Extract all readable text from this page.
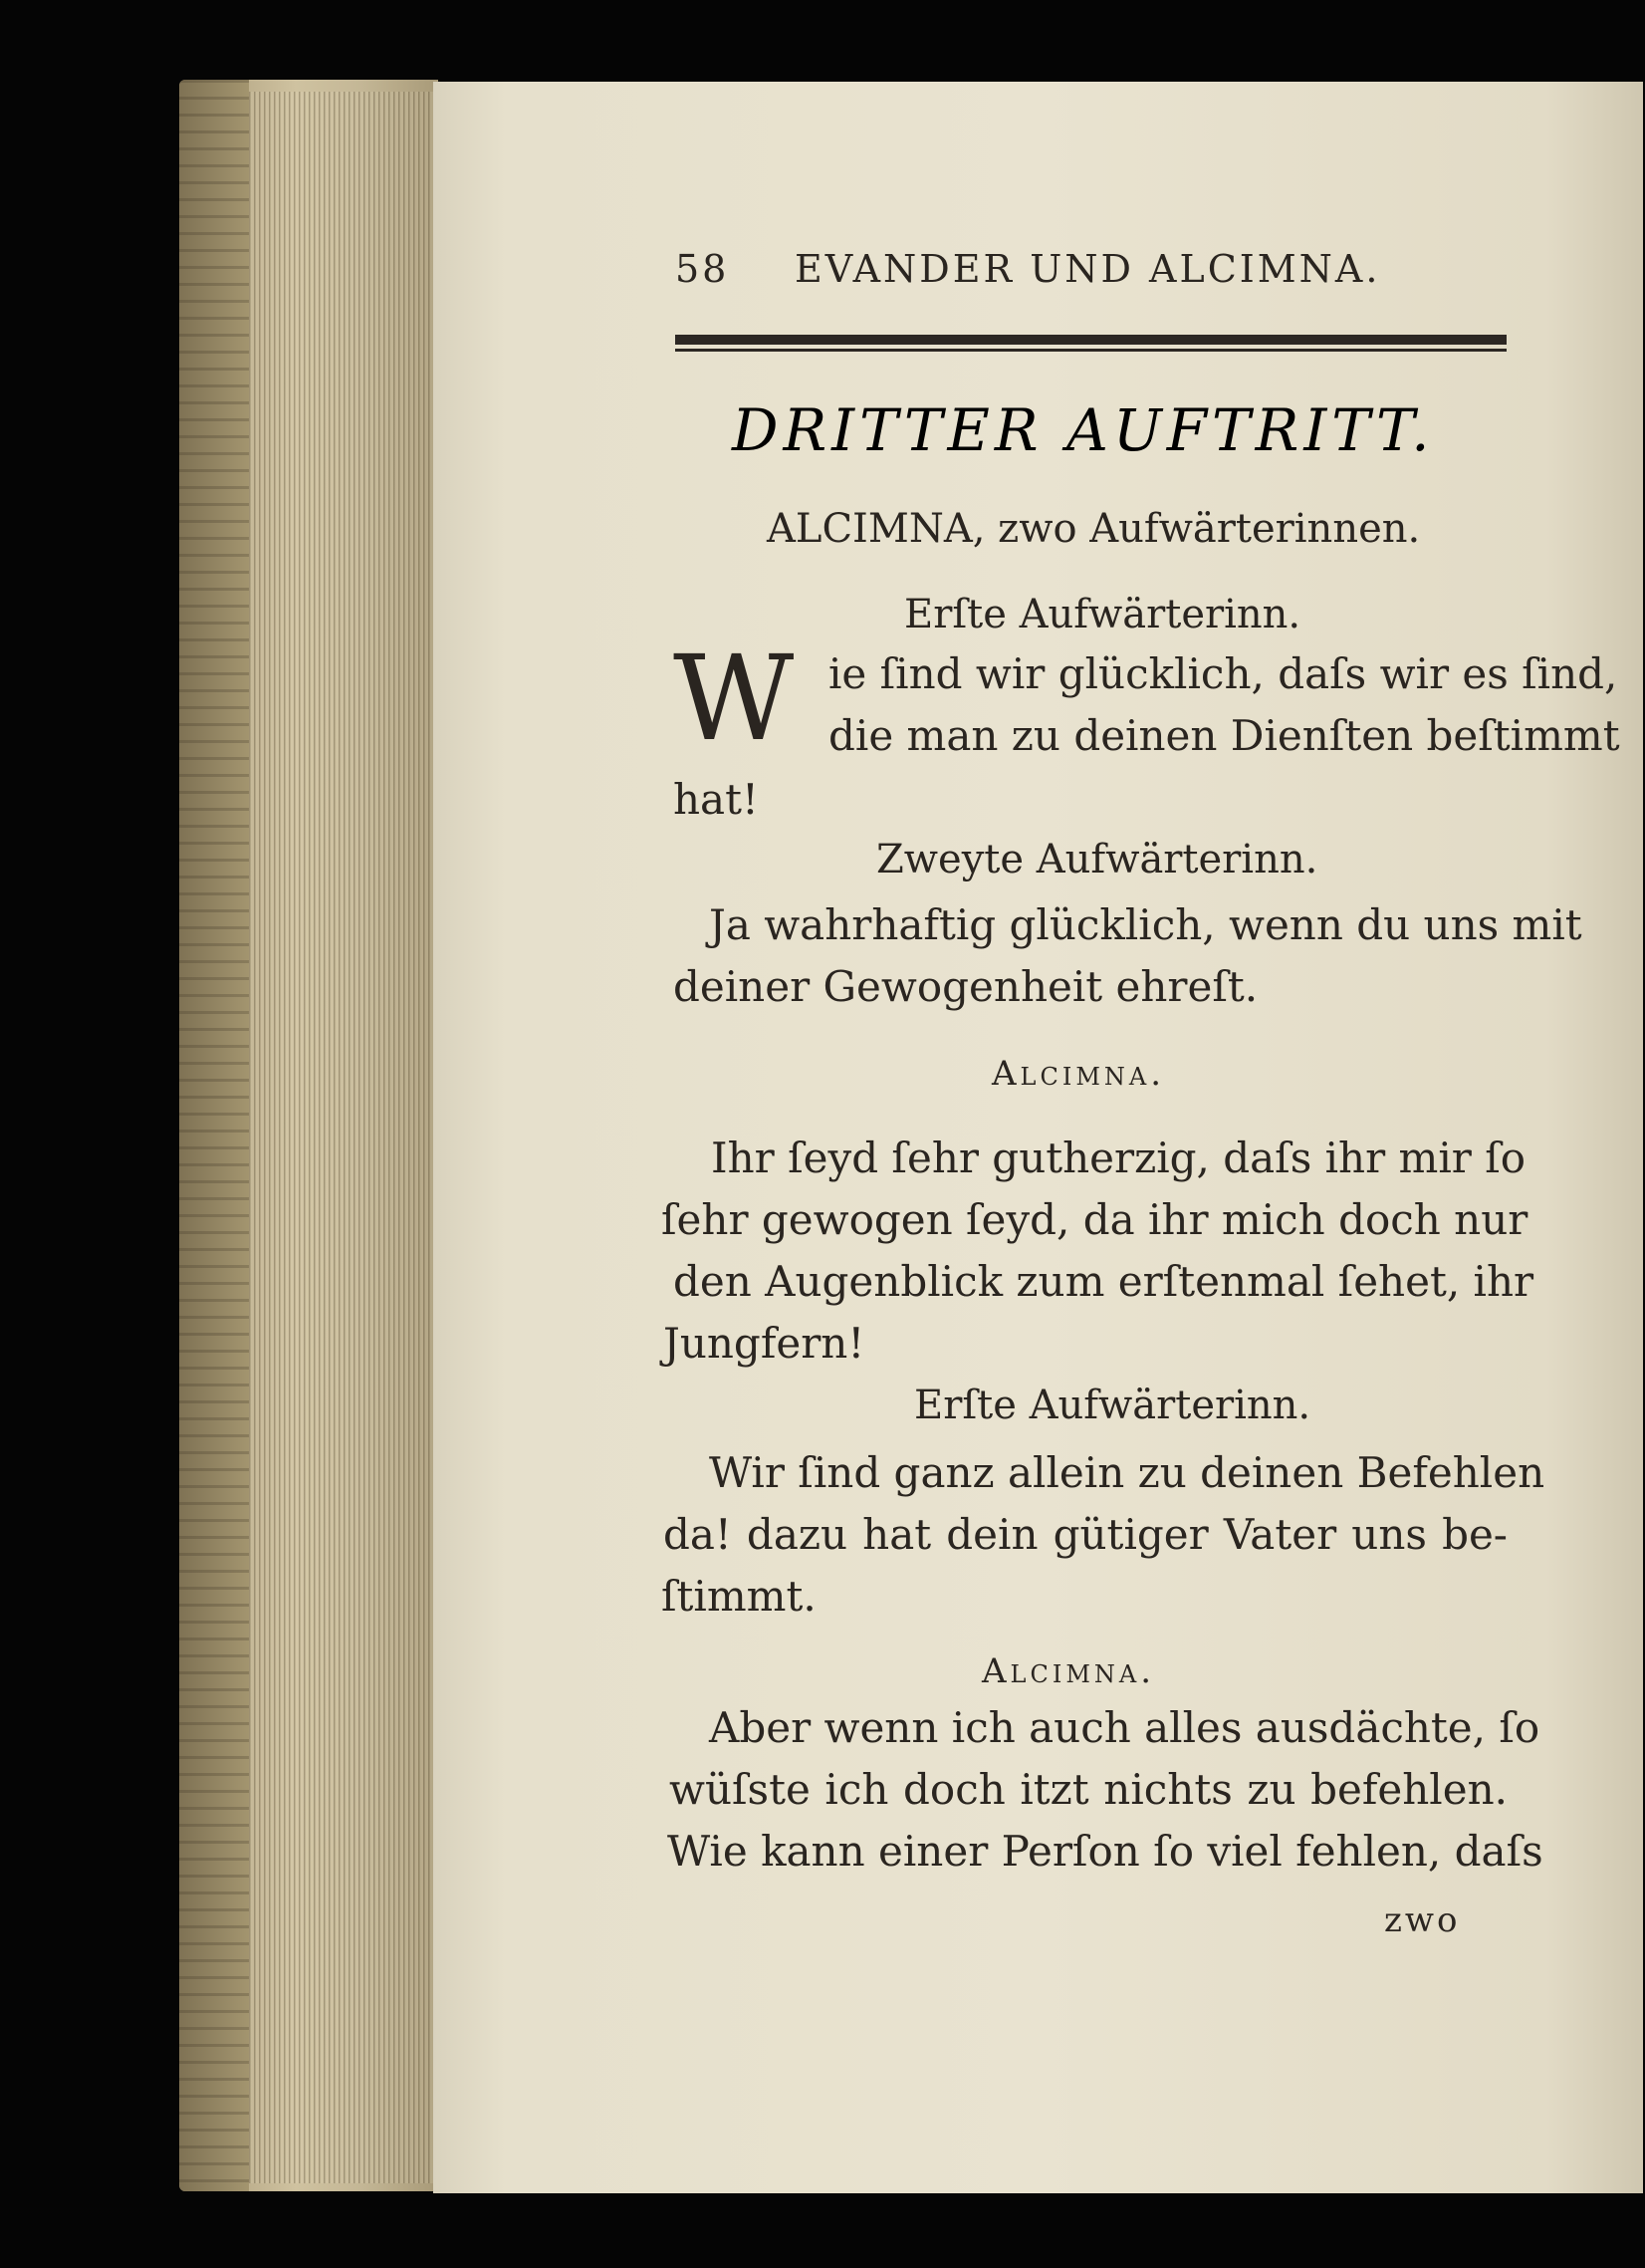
58 EVANDER UND ALCIMNA.
DRITTER AUFTRITT.
ALCIMNA, zwo Aufwärterinnen.
Erſte Aufwärterinn.
W ie ſind wir glücklich, daſs wir es ſind,
die man zu deinen Dienſten beſtimmt
hat!
Zweyte Aufwärterinn.
Ja wahrhaftig glücklich, wenn du uns mit
deiner Gewogenheit ehreſt.
Alcimna.
Ihr ſeyd ſehr gutherzig, daſs ihr mir ſo
ſehr gewogen ſeyd, da ihr mich doch nur
den Augenblick zum erſtenmal ſehet, ihr
Jungfern!
Erſte Aufwärterinn.
Wir ſind ganz allein zu deinen Befehlen
da! dazu hat dein gütiger Vater uns be-
ſtimmt.
Alcimna.
Aber wenn ich auch alles ausdächte, ſo
wüſste ich doch itzt nichts zu befehlen.
Wie kann einer Perſon ſo viel fehlen, daſs
zwo
